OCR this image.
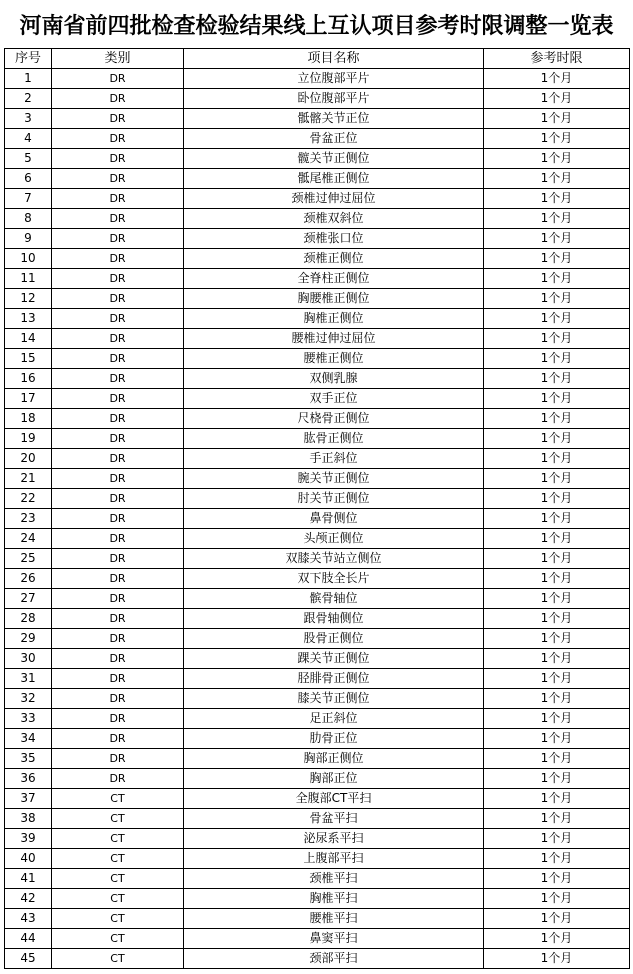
河南省前四批检查检验结果线上互认项目参考时限调整一览表
序号	类别	项目名称	参考时限
1	DR	立位腹部平片	1个月
2	DR	卧位腹部平片	1个月
3	DR	骶髂关节正位	1个月
4	DR	骨盆正位	1个月
5	DR	髋关节正侧位	1个月
6	DR	骶尾椎正侧位	1个月
7	DR	颈椎过伸过屈位	1个月
8	DR	颈椎双斜位	1个月
9	DR	颈椎张口位	1个月
10	DR	颈椎正侧位	1个月
11	DR	全脊柱正侧位	1个月
12	DR	胸腰椎正侧位	1个月
13	DR	胸椎正侧位	1个月
14	DR	腰椎过伸过屈位	1个月
15	DR	腰椎正侧位	1个月
16	DR	双侧乳腺	1个月
17	DR	双手正位	1个月
18	DR	尺桡骨正侧位	1个月
19	DR	肱骨正侧位	1个月
20	DR	手正斜位	1个月
21	DR	腕关节正侧位	1个月
22	DR	肘关节正侧位	1个月
23	DR	鼻骨侧位	1个月
24	DR	头颅正侧位	1个月
25	DR	双膝关节站立侧位	1个月
26	DR	双下肢全长片	1个月
27	DR	髌骨轴位	1个月
28	DR	跟骨轴侧位	1个月
29	DR	股骨正侧位	1个月
30	DR	踝关节正侧位	1个月
31	DR	胫腓骨正侧位	1个月
32	DR	膝关节正侧位	1个月
33	DR	足正斜位	1个月
34	DR	肋骨正位	1个月
35	DR	胸部正侧位	1个月
36	DR	胸部正位	1个月
37	CT	全腹部CT平扫	1个月
38	CT	骨盆平扫	1个月
39	CT	泌尿系平扫	1个月
40	CT	上腹部平扫	1个月
41	CT	颈椎平扫	1个月
42	CT	胸椎平扫	1个月
43	CT	腰椎平扫	1个月
44	CT	鼻窦平扫	1个月
45	CT	颈部平扫	1个月
